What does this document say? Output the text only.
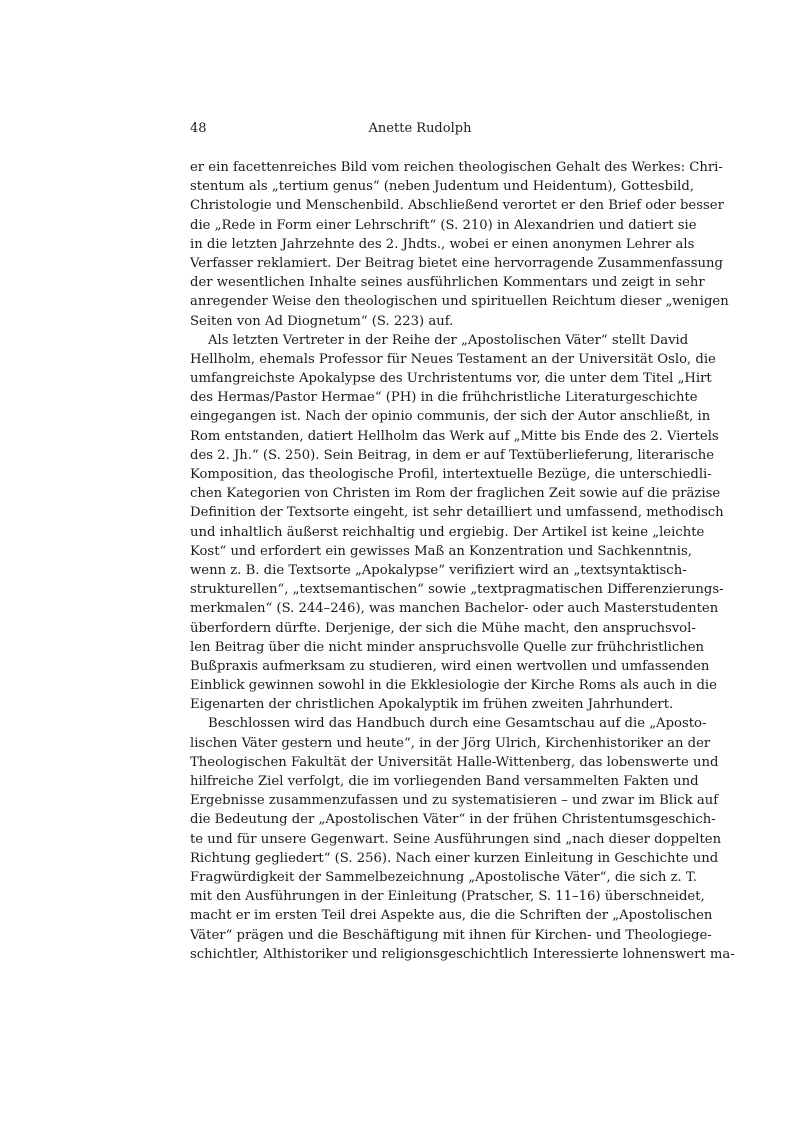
48	Anette Rudolph
er ein facettenreiches Bild vom reichen theologischen Gehalt des Werkes: Chri-
stentum als „tertium genus“ (neben Judentum und Heidentum), Gottesbild,
Christologie und Menschenbild. Abschließend verortet er den Brief oder besser
die „Rede in Form einer Lehrschrift“ (S. 210) in Alexandrien und datiert sie
in die letzten Jahrzehnte des 2. Jhdts., wobei er einen anonymen Lehrer als
Verfasser reklamiert. Der Beitrag bietet eine hervorragende Zusammenfassung
der wesentlichen Inhalte seines ausführlichen Kommentars und zeigt in sehr
anregender Weise den theologischen und spirituellen Reichtum dieser „wenigen
Seiten von Ad Diognetum“ (S. 223) auf.
Als letzten Vertreter in der Reihe der „Apostolischen Väter“ stellt David
Hellholm, ehemals Professor für Neues Testament an der Universität Oslo, die
umfangreichste Apokalypse des Urchristentums vor, die unter dem Titel „Hirt
des Hermas/Pastor Hermae“ (PH) in die frühchristliche Literaturgeschichte
eingegangen ist. Nach der opinio communis, der sich der Autor anschließt, in
Rom entstanden, datiert Hellholm das Werk auf „Mitte bis Ende des 2. Viertels
des 2. Jh.“ (S. 250). Sein Beitrag, in dem er auf Textüberlieferung, literarische
Komposition, das theologische Profil, intertextuelle Bezüge, die unterschiedli-
chen Kategorien von Christen im Rom der fraglichen Zeit sowie auf die präzise
Definition der Textsorte eingeht, ist sehr detailliert und umfassend, methodisch
und inhaltlich äußerst reichhaltig und ergiebig. Der Artikel ist keine „leichte
Kost“ und erfordert ein gewisses Maß an Konzentration und Sachkenntnis,
wenn z. B. die Textsorte „Apokalypse“ verifiziert wird an „textsyntaktisch-
strukturellen“, „textsemantischen“ sowie „textpragmatischen Differenzierungs-
merkmalen“ (S. 244–246), was manchen Bachelor- oder auch Masterstudenten
überfordern dürfte. Derjenige, der sich die Mühe macht, den anspruchsvol-
len Beitrag über die nicht minder anspruchsvolle Quelle zur frühchristlichen
Bußpraxis aufmerksam zu studieren, wird einen wertvollen und umfassenden
Einblick gewinnen sowohl in die Ekklesiologie der Kirche Roms als auch in die
Eigenarten der christlichen Apokalyptik im frühen zweiten Jahrhundert.
Beschlossen wird das Handbuch durch eine Gesamtschau auf die „Aposto-
lischen Väter gestern und heute“, in der Jörg Ulrich, Kirchenhistoriker an der
Theologischen Fakultät der Universität Halle-Wittenberg, das lobenswerte und
hilfreiche Ziel verfolgt, die im vorliegenden Band versammelten Fakten und
Ergebnisse zusammenzufassen und zu systematisieren – und zwar im Blick auf
die Bedeutung der „Apostolischen Väter“ in der frühen Christentumsgeschich-
te und für unsere Gegenwart. Seine Ausführungen sind „nach dieser doppelten
Richtung gegliedert“ (S. 256). Nach einer kurzen Einleitung in Geschichte und
Fragwürdigkeit der Sammelbezeichnung „Apostolische Väter“, die sich z. T.
mit den Ausführungen in der Einleitung (Pratscher, S. 11–16) überschneidet,
macht er im ersten Teil drei Aspekte aus, die die Schriften der „Apostolischen
Väter“ prägen und die Beschäftigung mit ihnen für Kirchen- und Theologiege-
schichtler, Althistoriker und religionsgeschichtlich Interessierte lohnenswert ma-
